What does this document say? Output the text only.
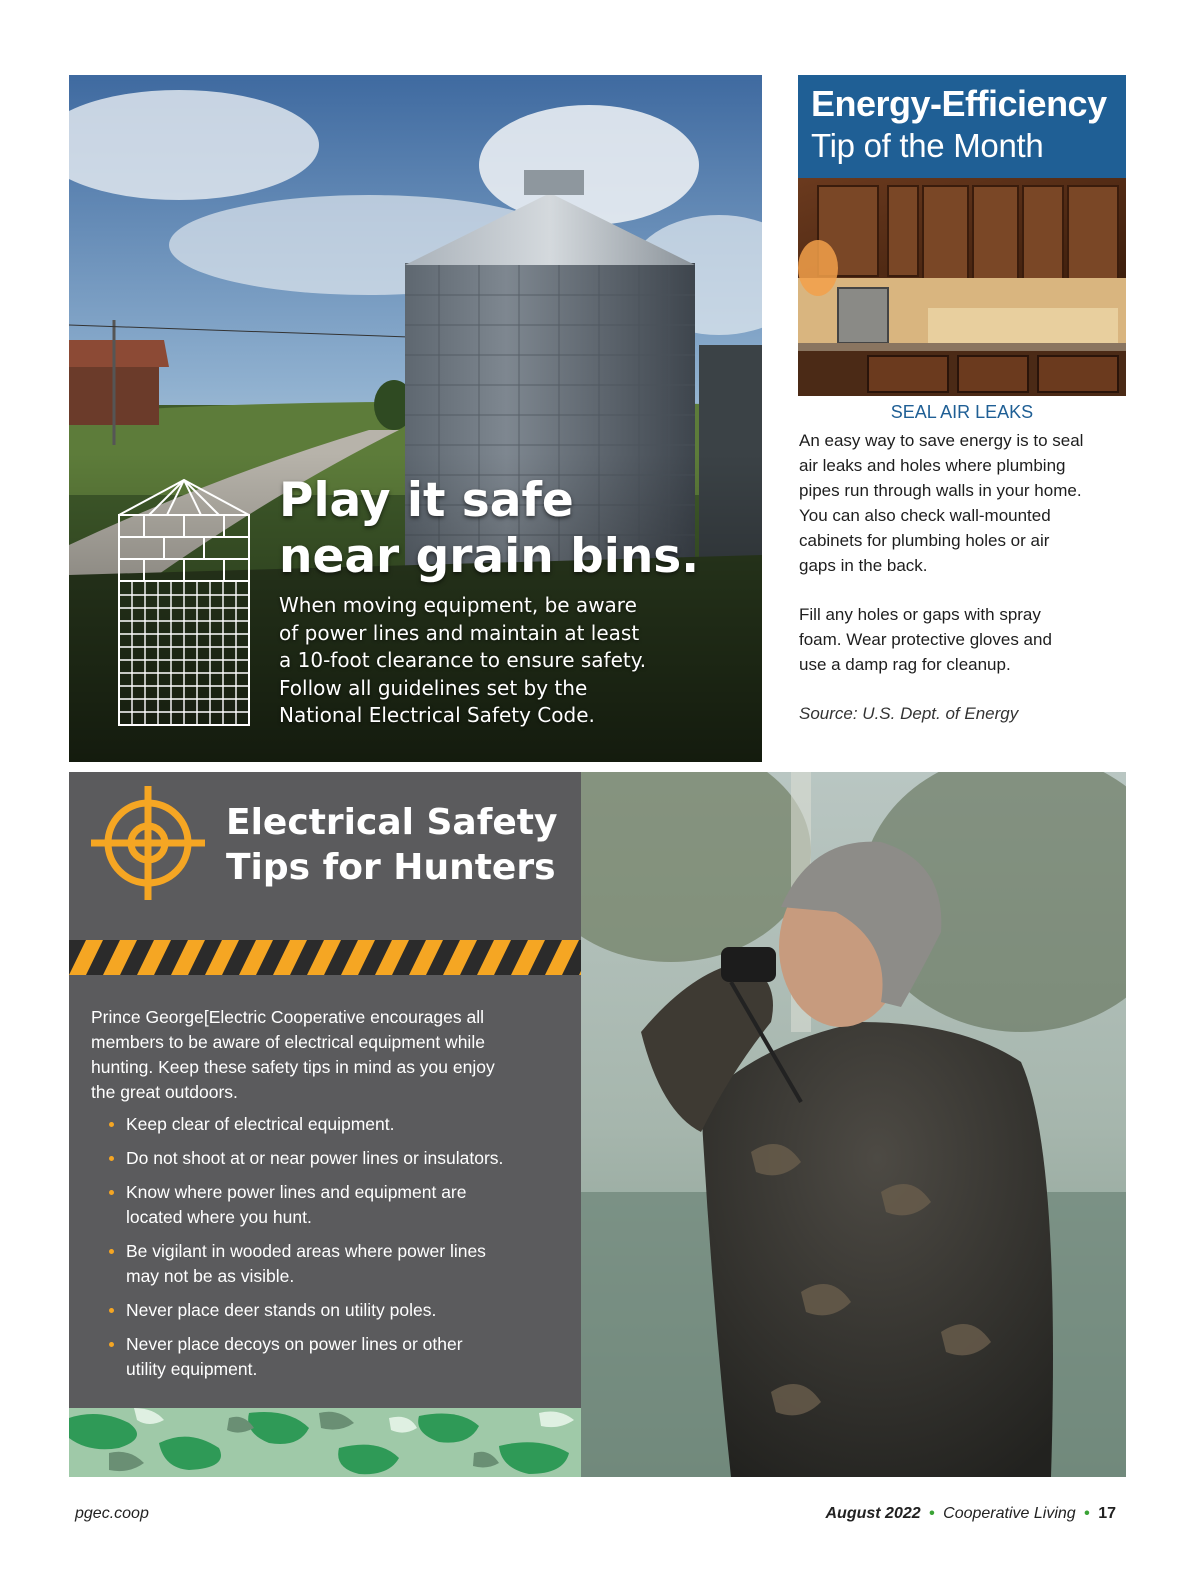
Play it safe
near grain bins.
When moving equipment, be aware
of power lines and maintain at least
a 10-foot clearance to ensure safety.
Follow all guidelines set by the
National Electrical Safety Code.
Energy-Efficiency
Tip of the Month
SEAL AIR LEAKS

An easy way to save energy is to seal
air leaks and holes where plumbing
pipes run through walls in your home.
You can also check wall-mounted
cabinets for plumbing holes or air
gaps in the back.

Fill any holes or gaps with spray
foam. Wear protective gloves and
use a damp rag for cleanup.

Source: U.S. Dept. of Energy

Electrical Safety
Tips for Hunters
Prince George[Electric Cooperative encourages all
members to be aware of electrical equipment while
hunting. Keep these safety tips in mind as you enjoy
the great outdoors.
Keep clear of electrical equipment.
Do not shoot at or near power lines or insulators.
Know where power lines and equipment are
located where you hunt.
Be vigilant in wooded areas where power lines
may not be as visible.
Never place deer stands on utility poles.
Never place decoys on power lines or other
utility equipment.
pgec.coop	August 2022 • Cooperative Living • 17
